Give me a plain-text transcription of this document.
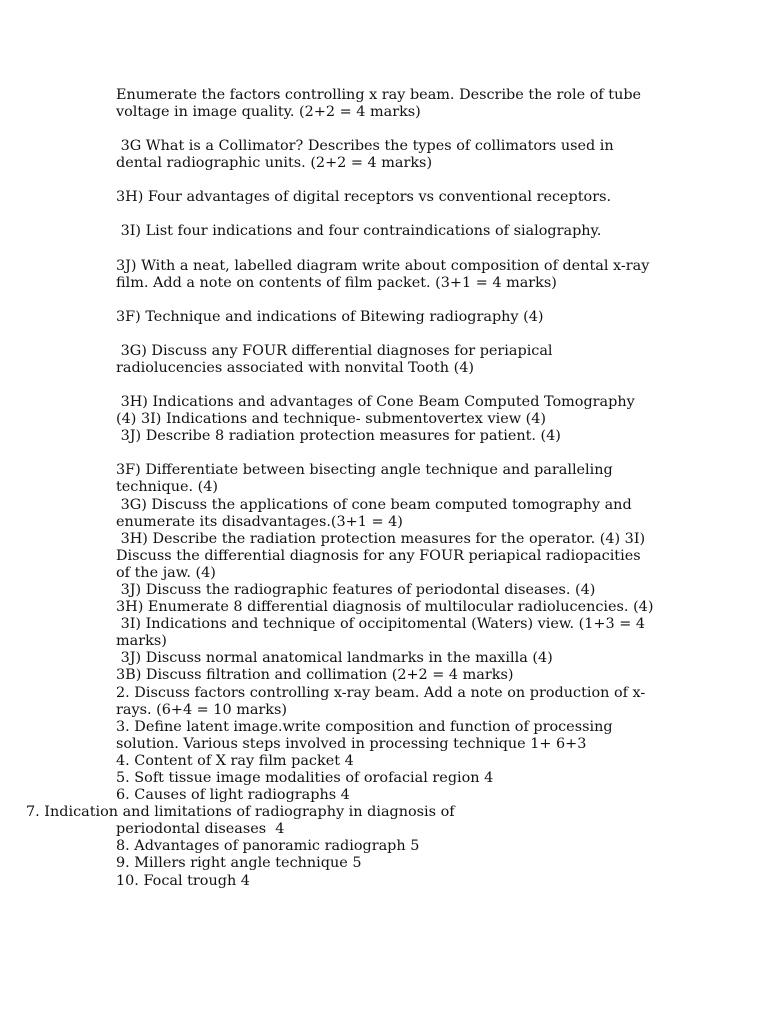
Enumerate the factors controlling x ray beam. Describe the role of tube voltage in image quality. (2+2 = 4 marks)

3G What is a Collimator? Describes the types of collimators used in dental radiographic units. (2+2 = 4 marks)

3H) Four advantages of digital receptors vs conventional receptors.

3I) List four indications and four contraindications of sialography.

3J) With a neat, labelled diagram write about composition of dental x-ray film. Add a note on contents of film packet. (3+1 = 4 marks)

3F) Technique and indications of Bitewing radiography (4)

3G) Discuss any FOUR differential diagnoses for periapical radiolucencies associated with nonvital Tooth (4)

3H) Indications and advantages of Cone Beam Computed Tomography (4) 3I) Indications and technique- submentovertex view (4)

3J) Describe 8 radiation protection measures for patient. (4)

3F) Differentiate between bisecting angle technique and paralleling technique. (4)

3G) Discuss the applications of cone beam computed tomography and enumerate its disadvantages.(3+1 = 4)

3H) Describe the radiation protection measures for the operator. (4) 3I) Discuss the differential diagnosis for any FOUR periapical radiopacities of the jaw. (4)

3J) Discuss the radiographic features of periodontal diseases. (4)

3H) Enumerate 8 differential diagnosis of multilocular radiolucencies. (4)

3I) Indications and technique of occipitomental (Waters) view. (1+3 = 4 marks)

3J) Discuss normal anatomical landmarks in the maxilla (4)

3B) Discuss filtration and collimation (2+2 = 4 marks)

2. Discuss factors controlling x-ray beam. Add a note on production of x-rays. (6+4 = 10 marks)

3. Define latent image.write composition and function of processing solution. Various steps involved in processing technique 1+ 6+3

4. Content of X ray film packet 4

5. Soft tissue image modalities of orofacial region 4

6. Causes of light radiographs 4

7. Indication and limitations of radiography in diagnosis of

periodontal diseases  4

8. Advantages of panoramic radiograph 5

9. Millers right angle technique 5

10. Focal trough 4
